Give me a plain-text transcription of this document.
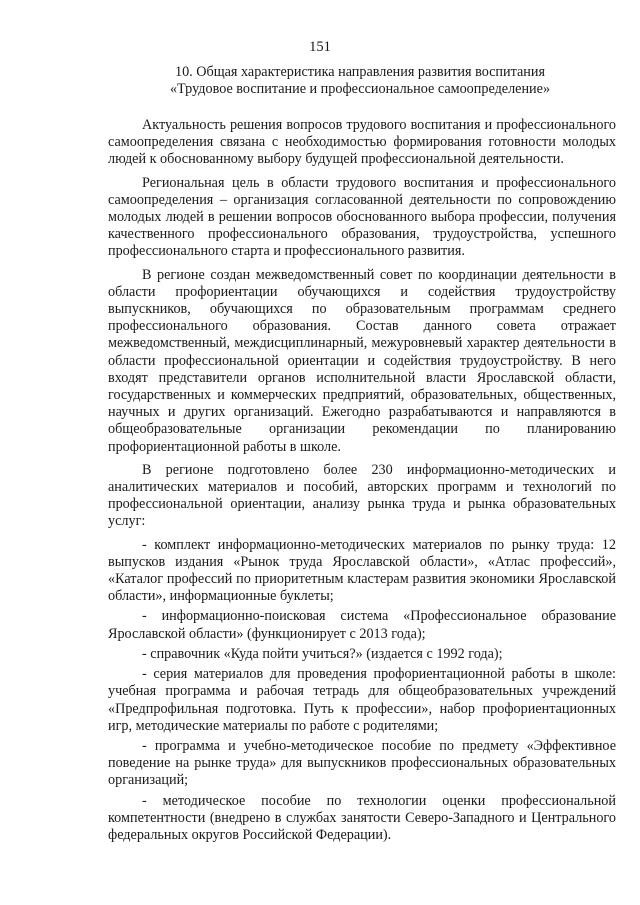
151
10. Общая характеристика направления развития воспитания
«Трудовое воспитание и профессиональное самоопределение»

Актуальность решения вопросов трудового воспитания и профессионального самоопределения связана с необходимостью формирования готовности молодых людей к обоснованному выбору будущей профессиональной деятельности.

Региональная цель в области трудового воспитания и профессионального самоопределения – организация согласованной деятельности по сопровождению молодых людей в решении вопросов обоснованного выбора профессии, получения качественного профессионального образования, трудоустройства, успешного профессионального старта и профессионального развития.

В регионе создан межведомственный совет по координации деятельности в области профориентации обучающихся и содействия трудоустройству выпускников, обучающихся по образовательным программам среднего профессионального образования. Состав данного совета отражает межведомственный, междисциплинарный, межуровневый характер деятельности в области профессиональной ориентации и содействия трудоустройству. В него входят представители органов исполнительной власти Ярославской области, государственных и коммерческих предприятий, образовательных, общественных, научных и других организаций. Ежегодно разрабатываются и направляются в общеобразовательные организации рекомендации по планированию профориентационной работы в школе.

В регионе подготовлено более 230 информационно-методических и аналитических материалов и пособий, авторских программ и технологий по профессиональной ориентации, анализу рынка труда и рынка образовательных услуг:

- комплект информационно-методических материалов по рынку труда: 12 выпусков издания «Рынок труда Ярославской области», «Атлас профессий», «Каталог профессий по приоритетным кластерам развития экономики Ярославской области», информационные буклеты;

- информационно-поисковая система «Профессиональное образование Ярославской области» (функционирует с 2013 года);

- справочник «Куда пойти учиться?» (издается с 1992 года);

- серия материалов для проведения профориентационной работы в школе: учебная программа и рабочая тетрадь для общеобразовательных учреждений «Предпрофильная подготовка. Путь к профессии», набор профориентационных игр, методические материалы по работе с родителями;

- программа и учебно-методическое пособие по предмету «Эффективное поведение на рынке труда» для выпускников профессиональных образовательных организаций;

- методическое пособие по технологии оценки профессиональной компетентности (внедрено в службах занятости Северо-Западного и Центрального федеральных округов Российской Федерации).
